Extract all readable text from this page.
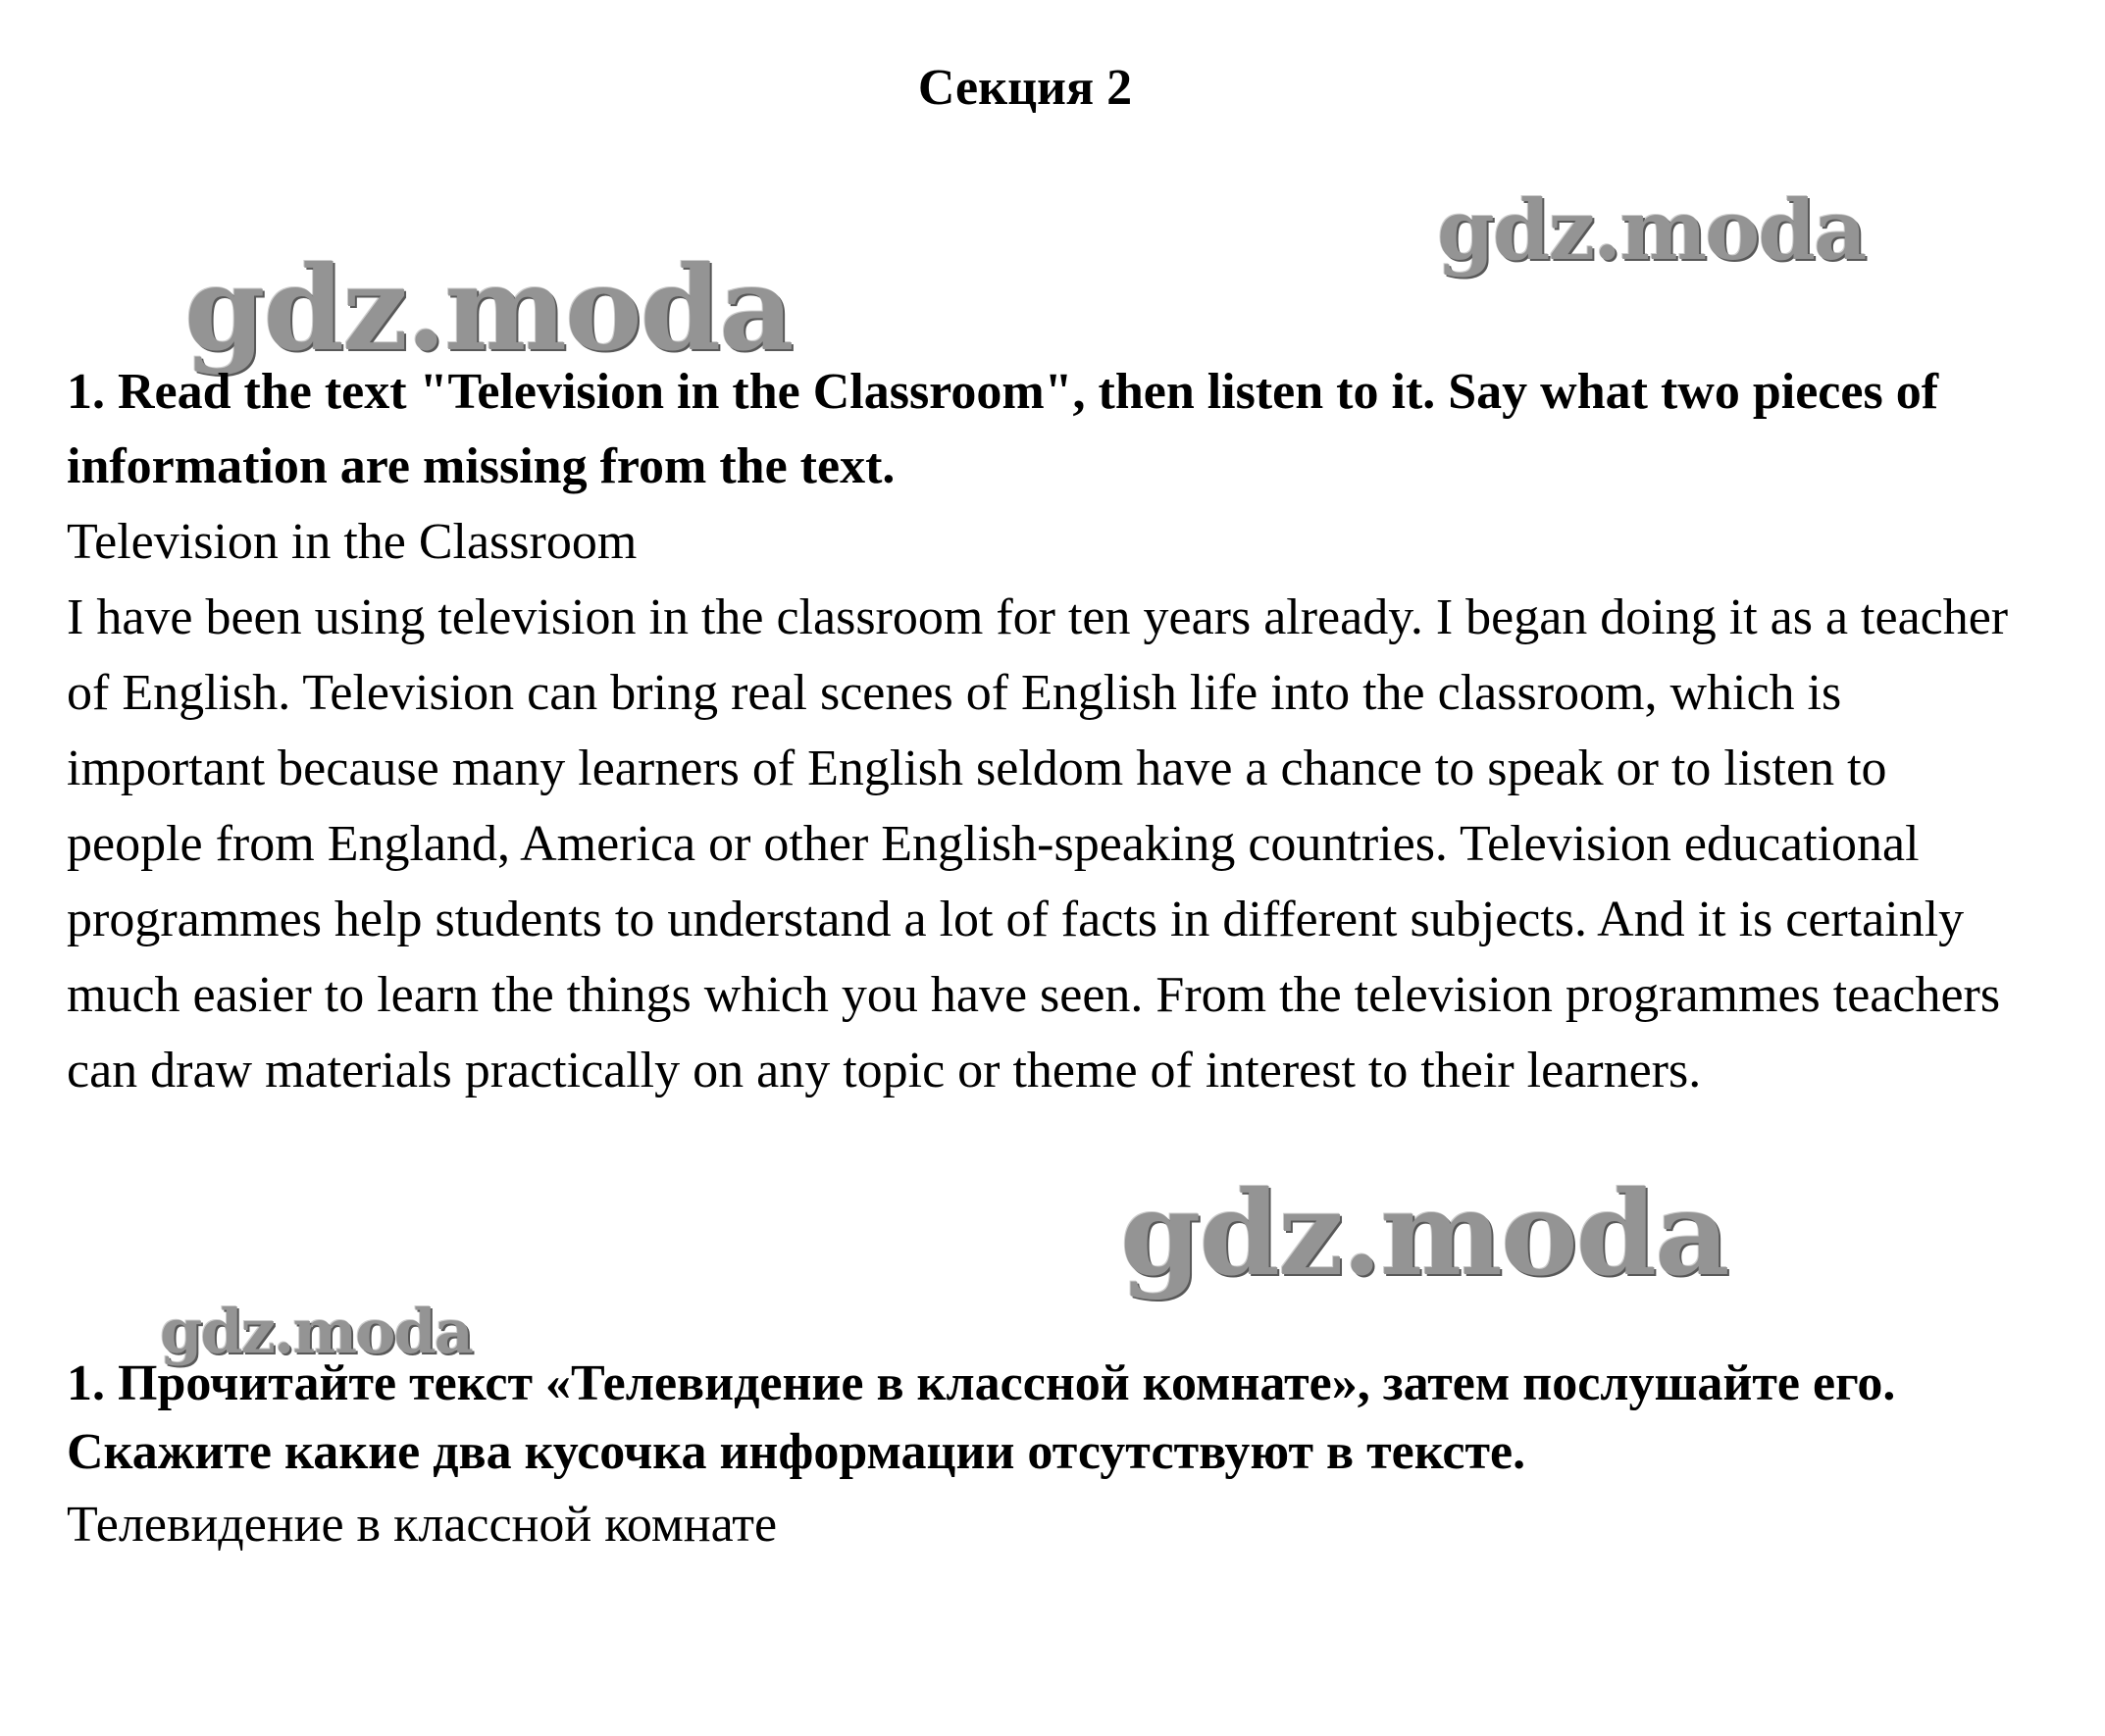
Секция 2
gdz.moda
gdz.moda

1. Read the text "Television in the Classroom", then listen to it. Say what two pieces of information are missing from the text.

Television in the Classroom

I have been using television in the classroom for ten years already. I began doing it as a teacher of English. Television can bring real scenes of English life into the classroom, which is important because many learners of English seldom have a chance to speak or to listen to people from England, America or other English-speaking countries. Television educational programmes help students to understand a lot of facts in different subjects. And it is certainly much easier to learn the things which you have seen. From the television programmes teachers can draw materials practically on any topic or theme of interest to their learners.

gdz.moda
gdz.moda

1. Прочитайте текст «Телевидение в классной комнате», затем послушайте его. Скажите какие два кусочка информации отсутствуют в тексте.

Телевидение в классной комнате
